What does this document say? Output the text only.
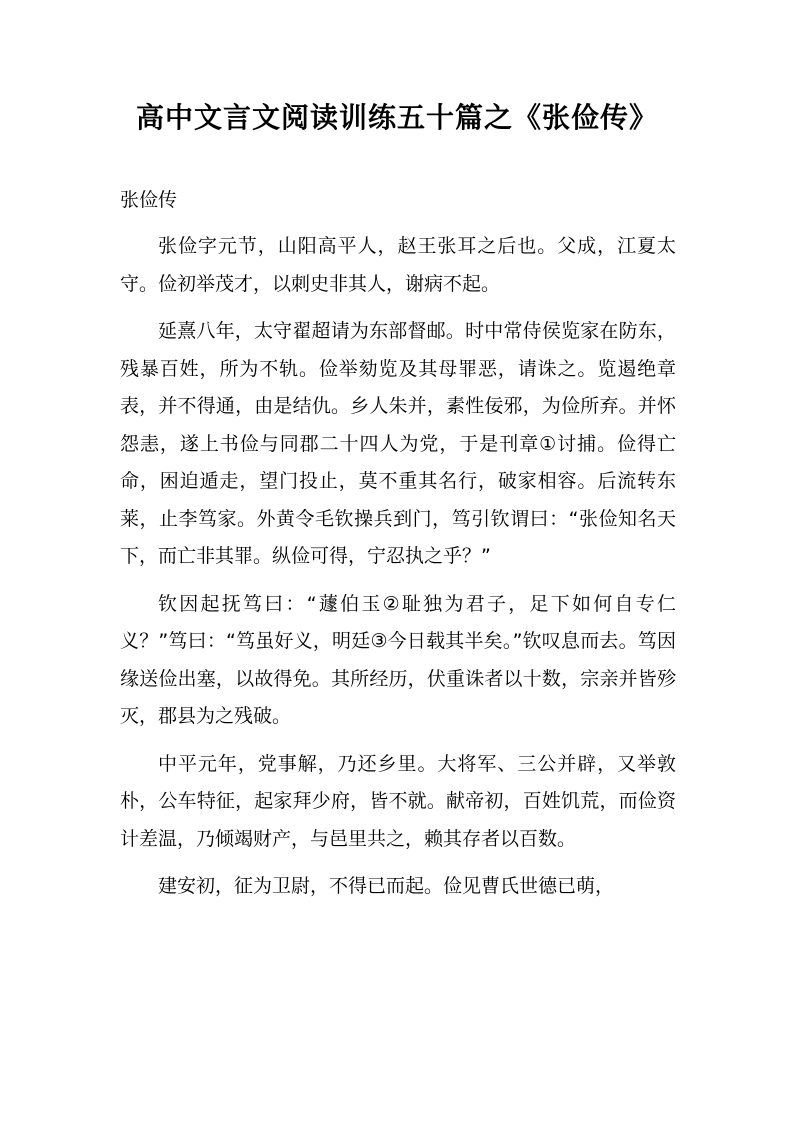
高中文言文阅读训练五十篇之《张俭传》
张俭传

张俭字元节，山阳高平人，赵王张耳之后也。父成，江夏太守。俭初举茂才，以刺史非其人，谢病不起。

延熹八年，太守翟超请为东部督邮。时中常侍侯览家在防东，残暴百姓，所为不轨。俭举劾览及其母罪恶，请诛之。览遏绝章表，并不得通，由是结仇。乡人朱并，素性佞邪，为俭所弃。并怀怨恚，遂上书俭与同郡二十四人为党，于是刊章①讨捕。俭得亡命，困迫遁走，望门投止，莫不重其名行，破家相容。后流转东莱，止李笃家。外黄令毛钦操兵到门，笃引钦谓曰：“张俭知名天下，而亡非其罪。纵俭可得，宁忍执之乎？”

钦因起抚笃曰：“蘧伯玉②耻独为君子，足下如何自专仁义？”笃曰：“笃虽好义，明廷③今日载其半矣。”钦叹息而去。笃因缘送俭出塞，以故得免。其所经历，伏重诛者以十数，宗亲并皆殄灭，郡县为之残破。

中平元年，党事解，乃还乡里。大将军、三公并辟，又举敦朴，公车特征，起家拜少府，皆不就。献帝初，百姓饥荒，而俭资计差温，乃倾竭财产，与邑里共之，赖其存者以百数。

建安初，征为卫尉，不得已而起。俭见曹氏世德已萌，
